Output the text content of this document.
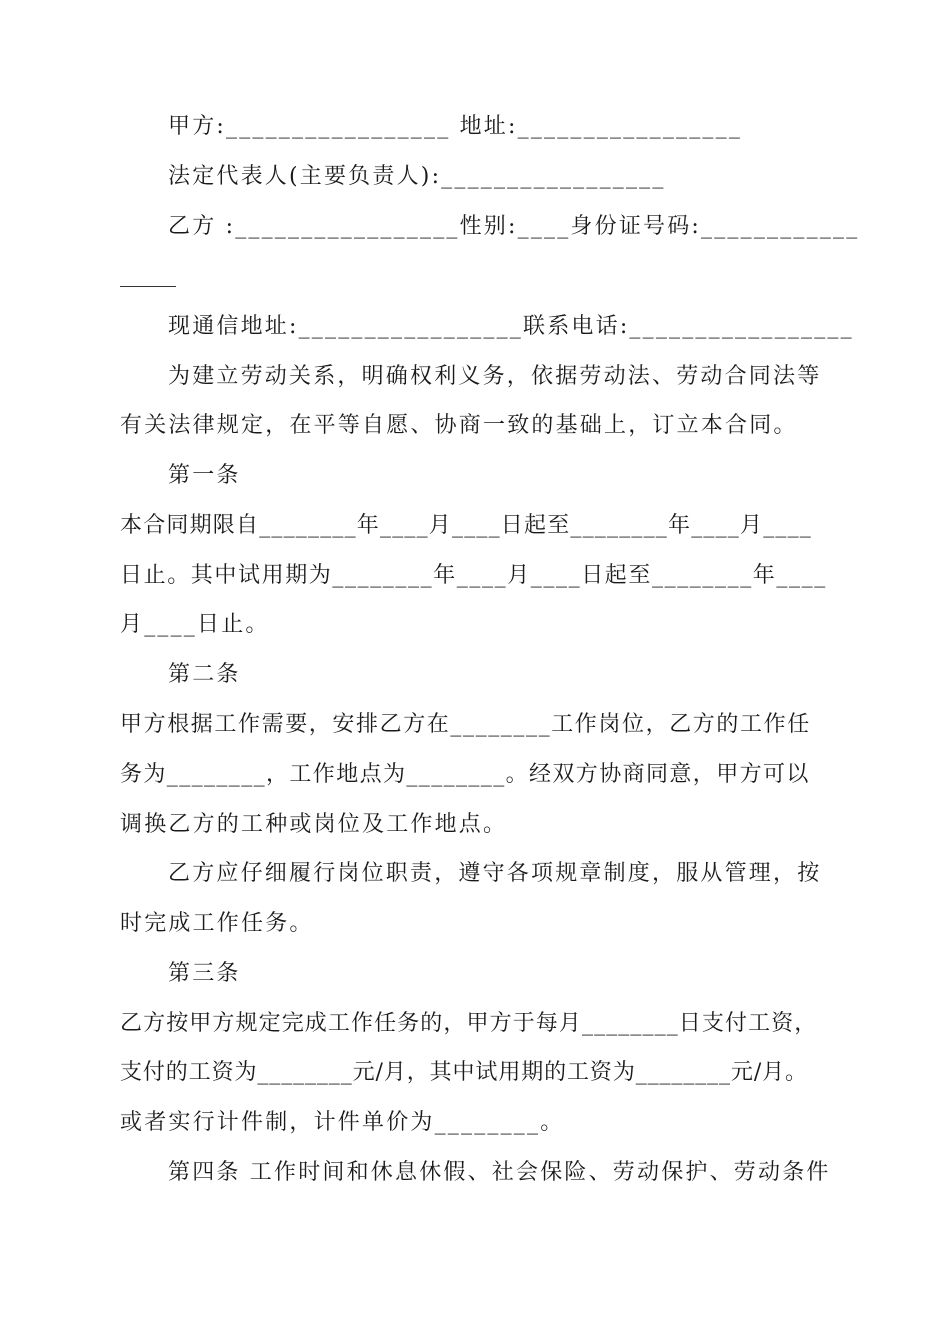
甲方:_________________ 地址:_________________
法定代表人(主要负责人):_________________
乙方 :_________________性别:____身份证号码:____________
现通信地址:_________________联系电话:_________________
为建立劳动关系，明确权利义务，依据劳动法、劳动合同法等
有关法律规定，在平等自愿、协商一致的基础上，订立本合同。
第一条
本合同期限自________年____月____日起至________年____月____
日止。其中试用期为________年____月____日起至________年____
月____日止。
第二条
甲方根据工作需要，安排乙方在________工作岗位，乙方的工作任
务为________，工作地点为________。经双方协商同意，甲方可以
调换乙方的工种或岗位及工作地点。
乙方应仔细履行岗位职责，遵守各项规章制度，服从管理，按
时完成工作任务。
第三条
乙方按甲方规定完成工作任务的，甲方于每月________日支付工资，
支付的工资为________元/月，其中试用期的工资为________元/月。
或者实行计件制，计件单价为________。
第四条 工作时间和休息休假、社会保险、劳动保护、劳动条件
